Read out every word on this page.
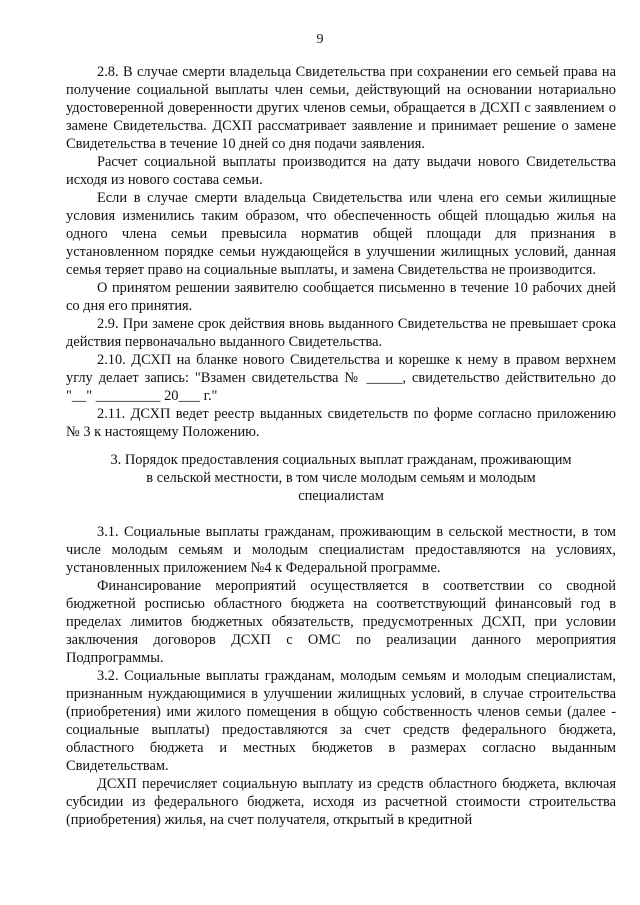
9

2.8. В случае смерти владельца Свидетельства при сохранении его семьей права на получение социальной выплаты член семьи, действующий на основании нотариально удостоверенной доверенности других членов семьи, обращается в ДСХП с заявлением о замене Свидетельства. ДСХП рассматривает заявление и принимает решение о замене Свидетельства в течение 10 дней со дня подачи заявления.

Расчет социальной выплаты производится на дату выдачи нового Свидетельства исходя из нового состава семьи.

Если в случае смерти владельца Свидетельства или члена его семьи жилищные условия изменились таким образом, что обеспеченность общей площадью жилья на одного члена семьи превысила норматив общей площади для признания в установленном порядке семьи нуждающейся в улучшении жилищных условий, данная семья теряет право на социальные выплаты, и замена Свидетельства не производится.

О принятом решении заявителю сообщается письменно в течение 10 рабочих дней со дня его принятия.

2.9. При замене срок действия вновь выданного Свидетельства не превышает срока действия первоначально выданного Свидетельства.

2.10. ДСХП на бланке нового Свидетельства и корешке к нему в правом верхнем углу делает запись: "Взамен свидетельства № _____, свидетельство действительно до "__" _________ 20___ г."

2.11. ДСХП ведет реестр выданных свидетельств по форме согласно приложению № 3 к настоящему Положению.

3. Порядок предоставления социальных выплат гражданам, проживающим в сельской местности, в том числе молодым семьям и молодым специалистам

3.1. Социальные выплаты гражданам, проживающим в сельской местности, в том числе молодым семьям и молодым специалистам предоставляются на условиях, установленных приложением №4 к Федеральной программе.

Финансирование мероприятий осуществляется в соответствии со сводной бюджетной росписью областного бюджета на соответствующий финансовый год в пределах лимитов бюджетных обязательств, предусмотренных ДСХП, при условии заключения договоров ДСХП с ОМС по реализации данного мероприятия Подпрограммы.

3.2. Социальные выплаты гражданам, молодым семьям и молодым специалистам, признанным нуждающимися в улучшении жилищных условий, в случае строительства (приобретения) ими жилого помещения в общую собственность членов семьи (далее - социальные выплаты) предоставляются за счет средств федерального бюджета, областного бюджета и местных бюджетов в размерах согласно выданным Свидетельствам.

ДСХП перечисляет социальную выплату из средств областного бюджета, включая субсидии из федерального бюджета, исходя из расчетной стоимости строительства (приобретения) жилья, на счет получателя, открытый в кредитной
